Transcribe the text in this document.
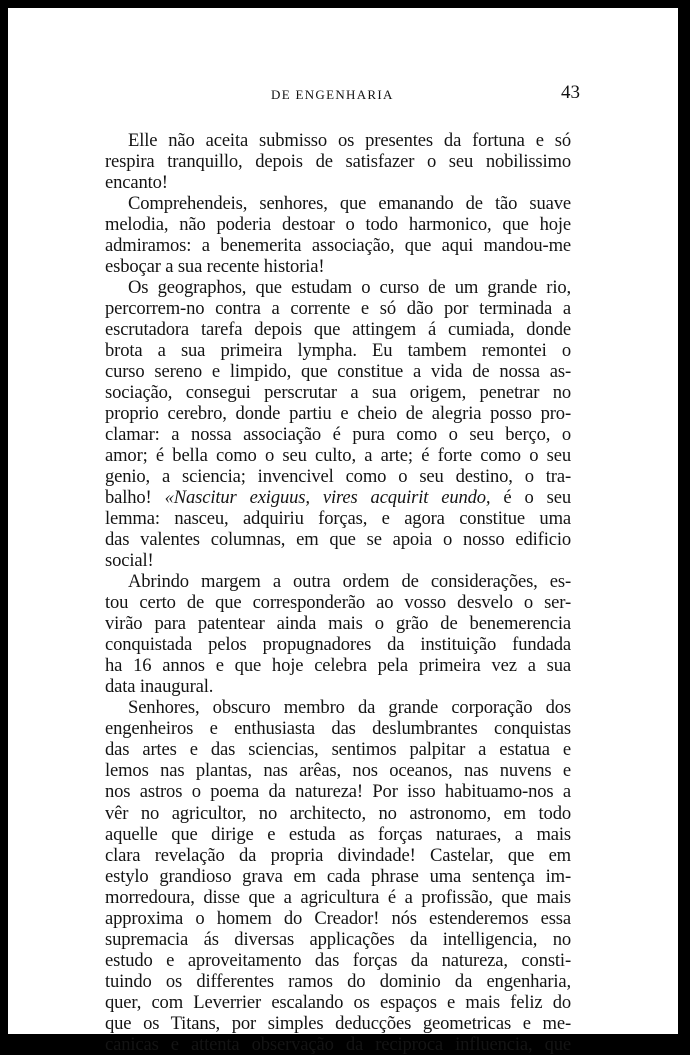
DE ENGENHARIA	43
Elle não aceita submisso os presentes da fortuna e só
respira tranquillo, depois de satisfazer o seu nobilissimo
encanto!
Comprehendeis, senhores, que emanando de tão suave
melodia, não poderia destoar o todo harmonico, que hoje
admiramos: a benemerita associação, que aqui mandou-me
esboçar a sua recente historia!
Os geographos, que estudam o curso de um grande rio,
percorrem-no contra a corrente e só dão por terminada a
escrutadora tarefa depois que attingem á cumiada, donde
brota a sua primeira lympha. Eu tambem remontei o
curso sereno e limpido, que constitue a vida de nossa as-
sociação, consegui perscrutar a sua origem, penetrar no
proprio cerebro, donde partiu e cheio de alegria posso pro-
clamar: a nossa associação é pura como o seu berço, o
amor; é bella como o seu culto, a arte; é forte como o seu
genio, a sciencia; invencivel como o seu destino, o tra-
balho! «Nascitur exiguus, vires acquirit eundo, é o seu
lemma: nasceu, adquiriu forças, e agora constitue uma
das valentes columnas, em que se apoia o nosso edificio
social!
Abrindo margem a outra ordem de considerações, es-
tou certo de que corresponderão ao vosso desvelo o ser-
virão para patentear ainda mais o grão de benemerencia
conquistada pelos propugnadores da instituição fundada
ha 16 annos e que hoje celebra pela primeira vez a sua
data inaugural.
Senhores, obscuro membro da grande corporação dos
engenheiros e enthusiasta das deslumbrantes conquistas
das artes e das sciencias, sentimos palpitar a estatua e
lemos nas plantas, nas arêas, nos oceanos, nas nuvens e
nos astros o poema da natureza! Por isso habituamo-nos a
vêr no agricultor, no architecto, no astronomo, em todo
aquelle que dirige e estuda as forças naturaes, a mais
clara revelação da propria divindade! Castelar, que em
estylo grandioso grava em cada phrase uma sentença im-
morredoura, disse que a agricultura é a profissão, que mais
approxima o homem do Creador! nós estenderemos essa
supremacia ás diversas applicações da intelligencia, no
estudo e aproveitamento das forças da natureza, consti-
tuindo os differentes ramos do dominio da engenharia,
quer, com Leverrier escalando os espaços e mais feliz do
que os Titans, por simples deducções geometricas e me-
canicas e attenta observação da reciproca influencia, que
